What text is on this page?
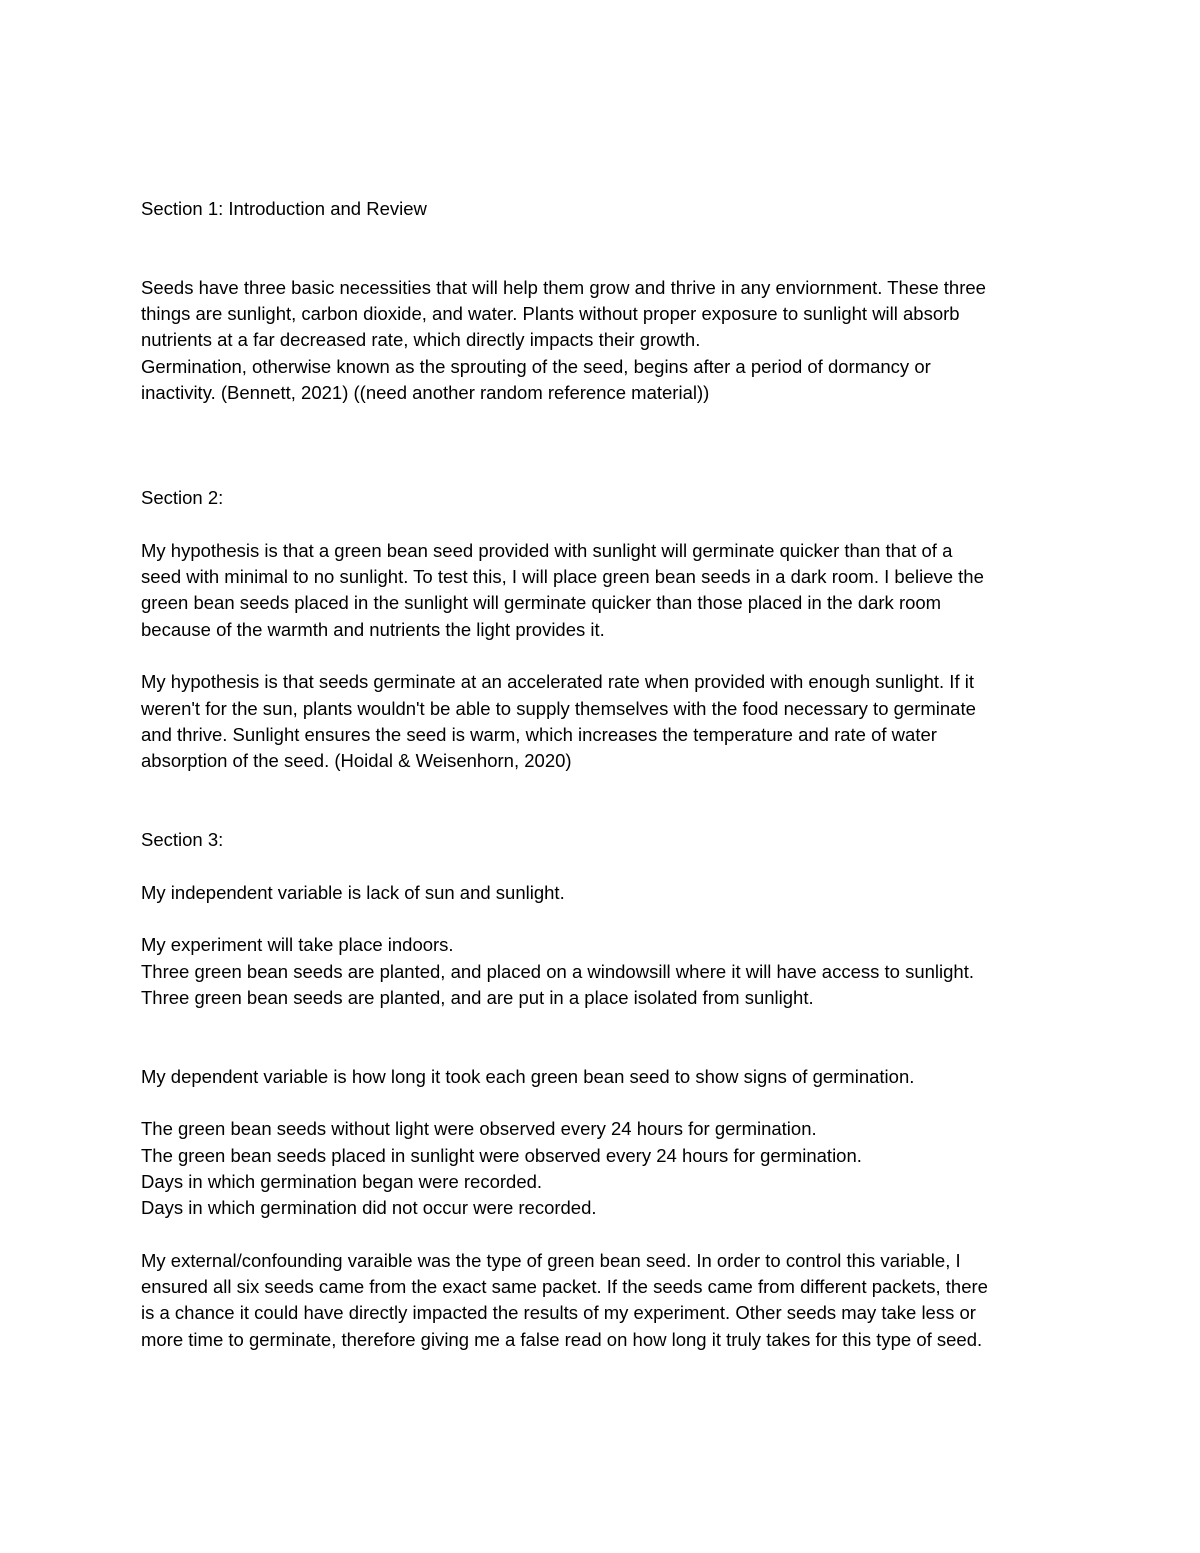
Section 1: Introduction and Review
Seeds have three basic necessities that will help them grow and thrive in any enviornment. These three
things are sunlight, carbon dioxide, and water. Plants without proper exposure to sunlight will absorb
nutrients at a far decreased rate, which directly impacts their growth.
Germination, otherwise known as the sprouting of the seed, begins after a period of dormancy or
inactivity. (Bennett, 2021) ((need another random reference material))
Section 2:
My hypothesis is that a green bean seed provided with sunlight will germinate quicker than that of a
seed with minimal to no sunlight. To test this, I will place green bean seeds in a dark room. I believe the
green bean seeds placed in the sunlight will germinate quicker than those placed in the dark room
because of the warmth and nutrients the light provides it.
My hypothesis is that seeds germinate at an accelerated rate when provided with enough sunlight. If it
weren't for the sun, plants wouldn't be able to supply themselves with the food necessary to germinate
and thrive. Sunlight ensures the seed is warm, which increases the temperature and rate of water
absorption of the seed. (Hoidal & Weisenhorn, 2020)
Section 3:
My independent variable is lack of sun and sunlight.
My experiment will take place indoors.
Three green bean seeds are planted, and placed on a windowsill where it will have access to sunlight.
Three green bean seeds are planted, and are put in a place isolated from sunlight.
My dependent variable is how long it took each green bean seed to show signs of germination.
The green bean seeds without light were observed every 24 hours for germination.
The green bean seeds placed in sunlight were observed every 24 hours for germination.
Days in which germination began were recorded.
Days in which germination did not occur were recorded.
My external/confounding varaible was the type of green bean seed. In order to control this variable, I
ensured all six seeds came from the exact same packet. If the seeds came from different packets, there
is a chance it could have directly impacted the results of my experiment. Other seeds may take less or
more time to germinate, therefore giving me a false read on how long it truly takes for this type of seed.
